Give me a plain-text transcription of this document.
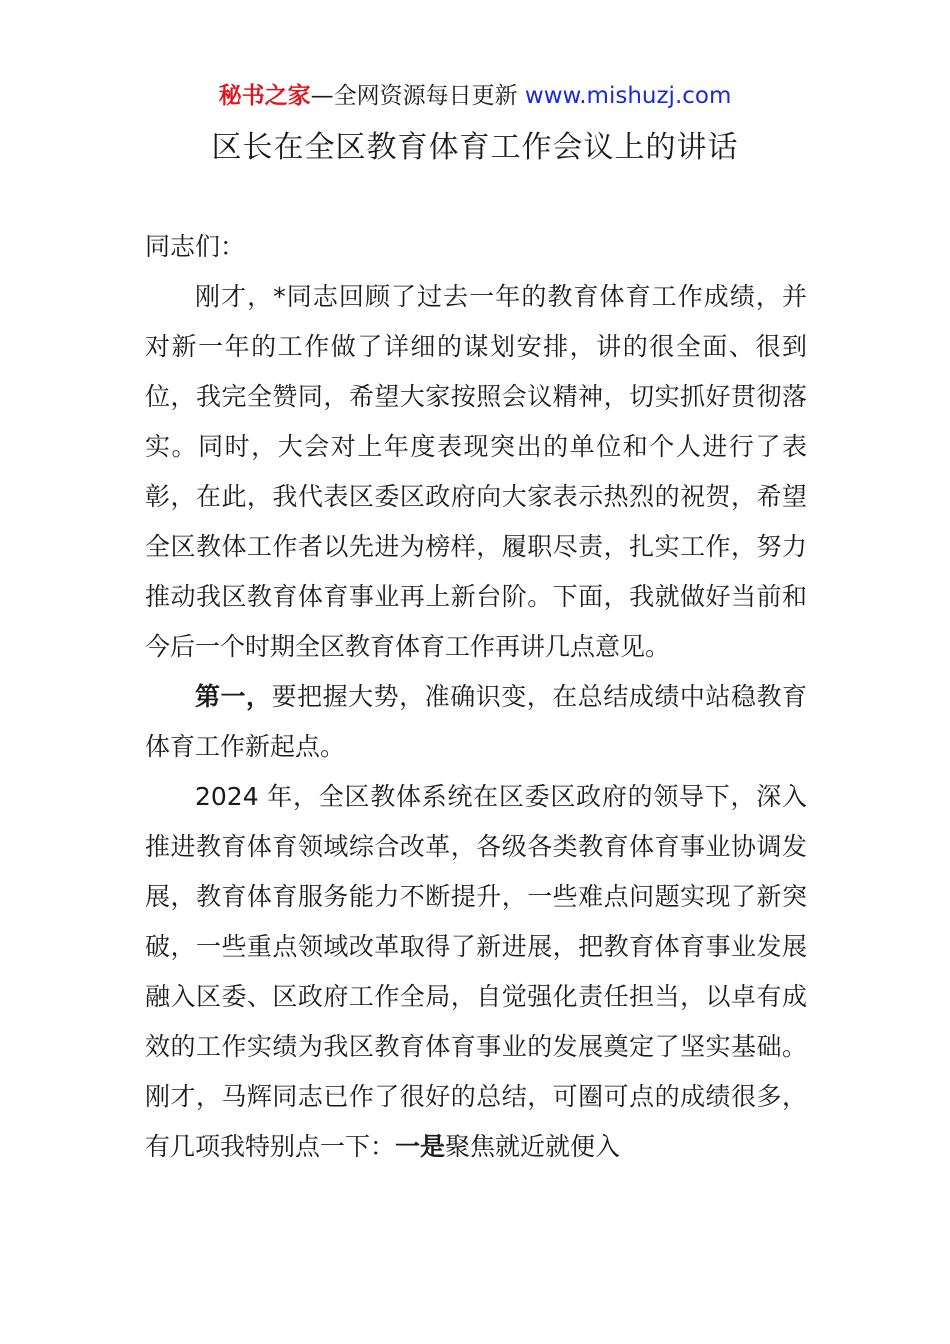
秘书之家—全网资源每日更新 www.mishuzj.com
区长在全区教育体育工作会议上的讲话

同志们：

刚才，*同志回顾了过去一年的教育体育工作成绩，并对新一年的工作做了详细的谋划安排，讲的很全面、很到位，我完全赞同，希望大家按照会议精神，切实抓好贯彻落实。同时，大会对上年度表现突出的单位和个人进行了表彰，在此，我代表区委区政府向大家表示热烈的祝贺，希望全区教体工作者以先进为榜样，履职尽责，扎实工作，努力推动我区教育体育事业再上新台阶。下面，我就做好当前和今后一个时期全区教育体育工作再讲几点意见。

第一，要把握大势，准确识变，在总结成绩中站稳教育体育工作新起点。

2024 年，全区教体系统在区委区政府的领导下，深入推进教育体育领域综合改革，各级各类教育体育事业协调发展，教育体育服务能力不断提升，一些难点问题实现了新突破，一些重点领域改革取得了新进展，把教育体育事业发展融入区委、区政府工作全局，自觉强化责任担当，以卓有成效的工作实绩为我区教育体育事业的发展奠定了坚实基础。刚才，马辉同志已作了很好的总结，可圈可点的成绩很多，有几项我特别点一下：一是聚焦就近就便入
